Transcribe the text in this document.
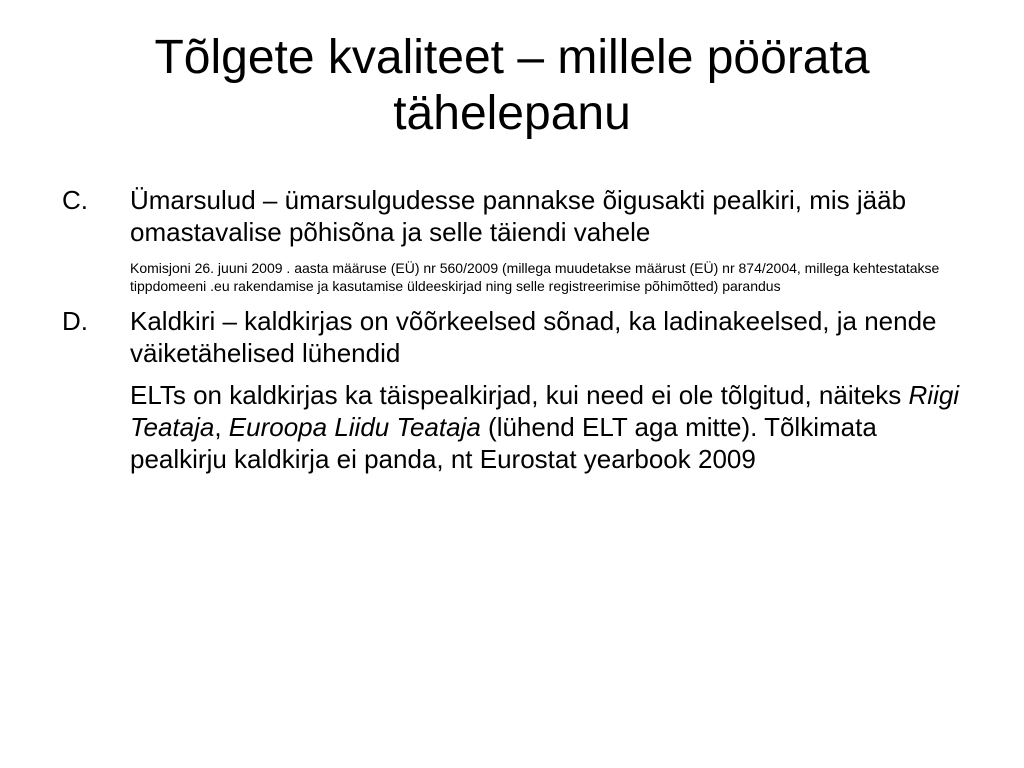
Tõlgete kvaliteet – millele pöörata
tähelepanu
C.	Ümarsulud – ümarsulgudesse pannakse õigusakti pealkiri, mis jääb omastavalise põhisõna ja selle täiendi vahele
Komisjoni 26. juuni 2009 . aasta määruse (EÜ) nr 560/2009 (millega muudetakse määrust (EÜ) nr 874/2004, millega kehtestatakse tippdomeeni .eu rakendamise ja kasutamise üldeeskirjad ning selle registreerimise põhimõtted) parandus
D.	Kaldkiri – kaldkirjas on võõrkeelsed sõnad, ka ladinakeelsed, ja nende väiketähelised lühendid
ELTs on kaldkirjas ka täispealkirjad, kui need ei ole tõlgitud, näiteks Riigi Teataja, Euroopa Liidu Teataja (lühend ELT aga mitte). Tõlkimata pealkirju kaldkirja ei panda, nt Eurostat yearbook 2009
